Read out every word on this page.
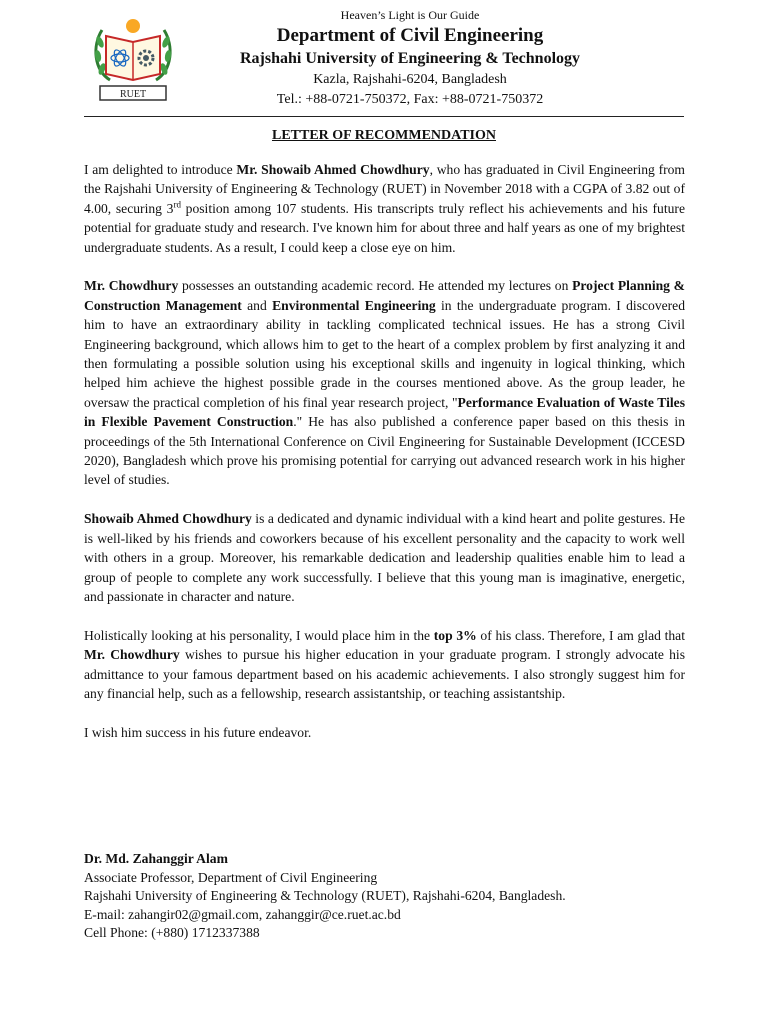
RUET
Heaven’s Light is Our Guide
Department of Civil Engineering
Rajshahi University of Engineering & Technology
Kazla, Rajshahi-6204, Bangladesh
Tel.: +88-0721-750372, Fax: +88-0721-750372
LETTER OF RECOMMENDATION

I am delighted to introduce Mr. Showaib Ahmed Chowdhury, who has graduated in Civil Engineering from the Rajshahi University of Engineering & Technology (RUET) in November 2018 with a CGPA of 3.82 out of 4.00, securing 3rd position among 107 students. His transcripts truly reflect his achievements and his future potential for graduate study and research. I've known him for about three and half years as one of my brightest undergraduate students. As a result, I could keep a close eye on him.

Mr. Chowdhury possesses an outstanding academic record. He attended my lectures on Project Planning & Construction Management and Environmental Engineering in the undergraduate program. I discovered him to have an extraordinary ability in tackling complicated technical issues. He has a strong Civil Engineering background, which allows him to get to the heart of a complex problem by first analyzing it and then formulating a possible solution using his exceptional skills and ingenuity in logical thinking, which helped him achieve the highest possible grade in the courses mentioned above. As the group leader, he oversaw the practical completion of his final year research project, "Performance Evaluation of Waste Tiles in Flexible Pavement Construction." He has also published a conference paper based on this thesis in proceedings of the 5th International Conference on Civil Engineering for Sustainable Development (ICCESD 2020), Bangladesh which prove his promising potential for carrying out advanced research work in his higher level of studies.

Showaib Ahmed Chowdhury is a dedicated and dynamic individual with a kind heart and polite gestures. He is well-liked by his friends and coworkers because of his excellent personality and the capacity to work well with others in a group. Moreover, his remarkable dedication and leadership qualities enable him to lead a group of people to complete any work successfully. I believe that this young man is imaginative, energetic, and passionate in character and nature.

Holistically looking at his personality, I would place him in the top 3% of his class. Therefore, I am glad that Mr. Chowdhury wishes to pursue his higher education in your graduate program. I strongly advocate his admittance to your famous department based on his academic achievements. I also strongly suggest him for any financial help, such as a fellowship, research assistantship, or teaching assistantship.

I wish him success in his future endeavor.

Dr. Md. Zahanggir Alam
Associate Professor, Department of Civil Engineering
Rajshahi University of Engineering & Technology (RUET), Rajshahi-6204, Bangladesh.
E-mail: zahangir02@gmail.com, zahanggir@ce.ruet.ac.bd
Cell Phone: (+880) 1712337388
